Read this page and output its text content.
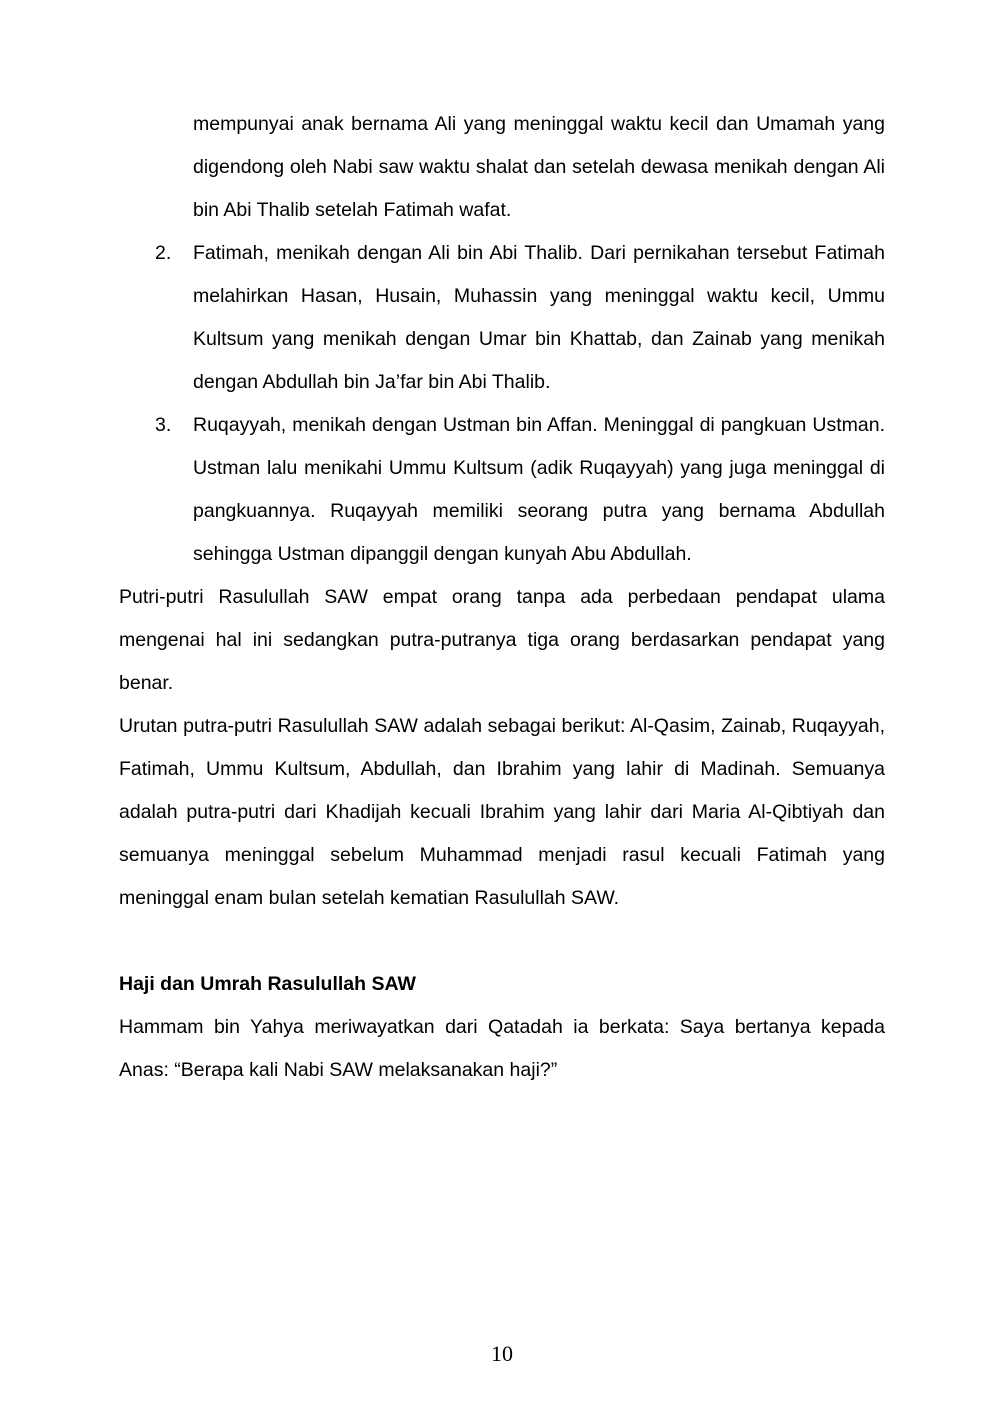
mempunyai anak bernama Ali yang meninggal waktu kecil dan Umamah yang digendong oleh Nabi saw waktu shalat dan setelah dewasa menikah dengan Ali bin Abi Thalib setelah Fatimah wafat.

2.	Fatimah, menikah dengan Ali bin Abi Thalib. Dari pernikahan tersebut Fatimah melahirkan Hasan, Husain, Muhassin yang meninggal waktu kecil, Ummu Kultsum yang menikah dengan Umar bin Khattab, dan Zainab yang menikah dengan Abdullah bin Ja’far bin Abi Thalib.

3.	Ruqayyah, menikah dengan Ustman bin Affan. Meninggal di pangkuan Ustman. Ustman lalu menikahi Ummu Kultsum (adik Ruqayyah) yang juga meninggal di pangkuannya. Ruqayyah memiliki seorang putra yang bernama Abdullah sehingga Ustman dipanggil dengan kunyah Abu Abdullah.

Putri-putri Rasulullah SAW empat orang tanpa ada perbedaan pendapat ulama mengenai hal ini sedangkan putra-putranya tiga orang berdasarkan pendapat yang benar.

Urutan putra-putri Rasulullah SAW adalah sebagai berikut: Al-Qasim, Zainab, Ruqayyah, Fatimah, Ummu Kultsum, Abdullah, dan Ibrahim yang lahir di Madinah. Semuanya adalah putra-putri dari Khadijah kecuali Ibrahim yang lahir dari Maria Al-Qibtiyah dan semuanya meninggal sebelum Muhammad menjadi rasul kecuali Fatimah yang meninggal enam bulan setelah kematian Rasulullah SAW.

Haji dan Umrah Rasulullah SAW

Hammam bin Yahya meriwayatkan dari Qatadah ia berkata: Saya bertanya kepada Anas: “Berapa kali Nabi SAW melaksanakan haji?”

10
